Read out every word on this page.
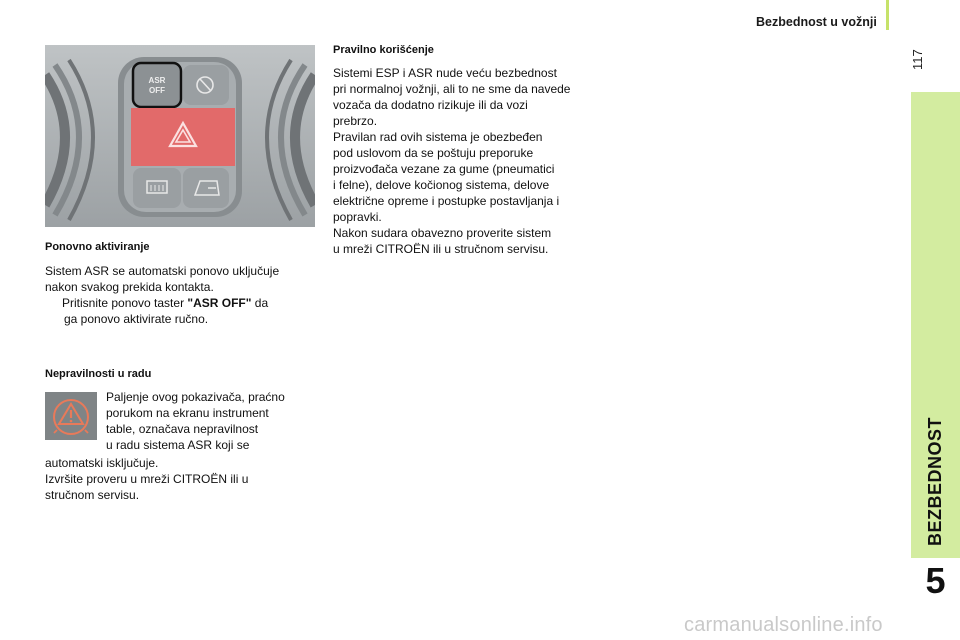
Bezbednost u vožnji
117
BEZBEDNOST
5
ASR
OFF
Ponovno aktiviranje

Sistem ASR se automatski ponovo uključuje

nakon svakog prekida kontakta.

Pritisnite ponovo taster "ASR OFF" da

ga ponovo aktivirate ručno.

Nepravilnosti u radu

Paljenje ovog pokazivača, praćno

porukom na ekranu instrument

table, označava nepravilnost

u radu sistema ASR koji se

automatski isključuje.

Izvršite proveru u mreži CITROËN ili u

stručnom servisu.

Pravilno korišćenje

Sistemi ESP i ASR nude veću bezbednost

pri normalnoj vožnji, ali to ne sme da navede

vozača da dodatno rizikuje ili da vozi

prebrzo.

Pravilan rad ovih sistema je obezbeđen

pod uslovom da se poštuju preporuke

proizvođača vezane za gume (pneumatici

i felne), delove kočionog sistema, delove

električne opreme i postupke postavljanja i

popravki.

Nakon sudara obavezno proverite sistem

u mreži CITROËN ili u stručnom servisu.

carmanualsonline.info
